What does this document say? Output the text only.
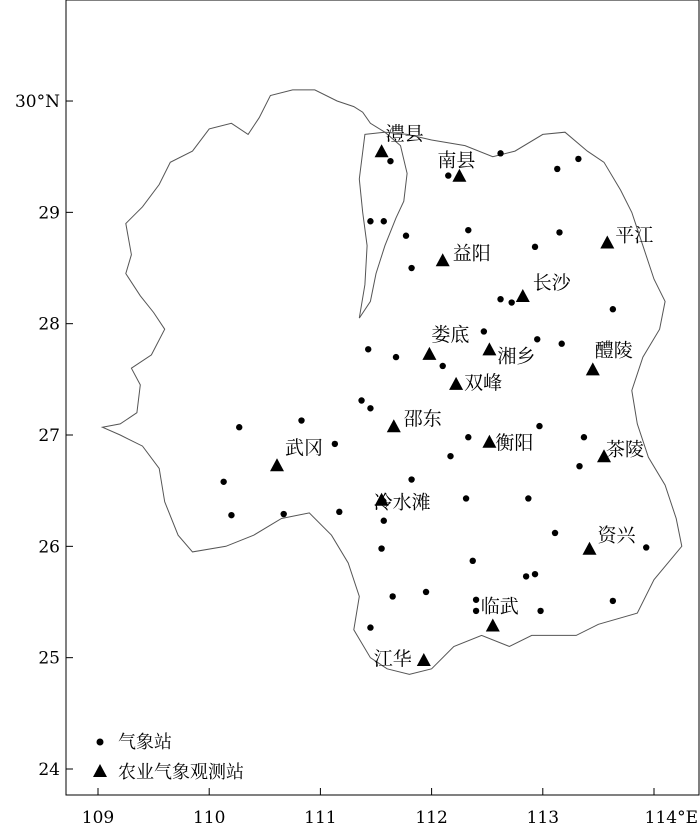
109	110	111	112	113	114°E
24
25
26
27
28
29
30°N
澧县
南县
平江
益阳
长沙
娄底
湘乡	醴陵
双峰
邵东
衡阳
武冈	茶陵
冷水滩
资兴
临武
江华
气象站
农业气象观测站
